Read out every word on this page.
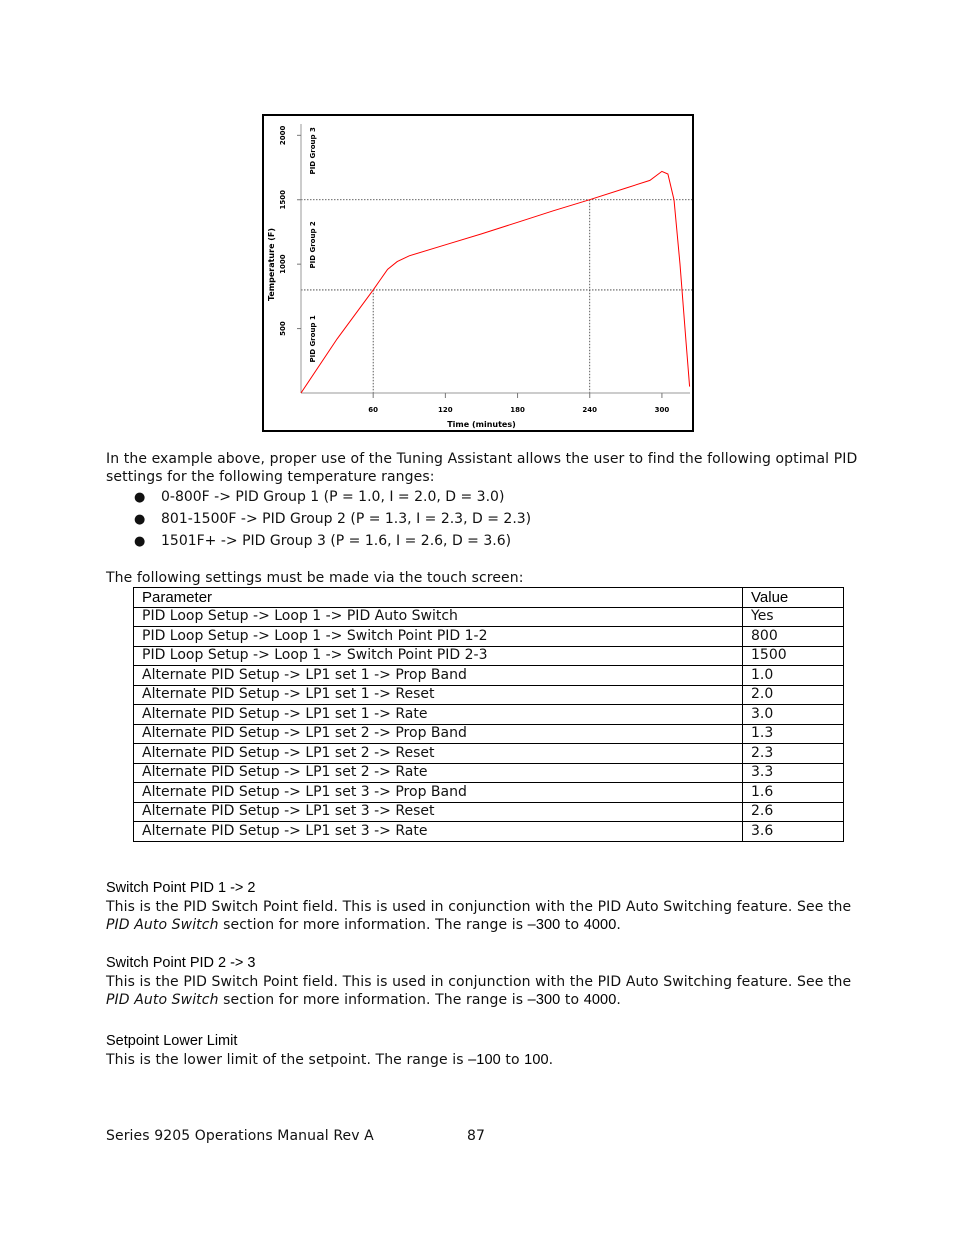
60	120	180	240	300
500
1000
1500
2000
PID Group 1
PID Group 2
PID Group 3
Time (minutes)
Temperature (F)
In the example above, proper use of the Tuning Assistant allows the user to find the following optimal PID settings for the following temperature ranges:
● 0-800F -> PID Group 1 (P = 1.0, I = 2.0, D = 3.0)
● 801-1500F -> PID Group 2 (P = 1.3, I = 2.3, D = 2.3)
● 1501F+ -> PID Group 3 (P = 1.6, I = 2.6, D = 3.6)
The following settings must be made via the touch screen:
Parameter	Value
PID Loop Setup -> Loop 1 -> PID Auto Switch	Yes
PID Loop Setup -> Loop 1 -> Switch Point PID 1-2	800
PID Loop Setup -> Loop 1 -> Switch Point PID 2-3	1500
Alternate PID Setup -> LP1 set 1 -> Prop Band	1.0
Alternate PID Setup -> LP1 set 1 -> Reset	2.0
Alternate PID Setup -> LP1 set 1 -> Rate	3.0
Alternate PID Setup -> LP1 set 2 -> Prop Band	1.3
Alternate PID Setup -> LP1 set 2 -> Reset	2.3
Alternate PID Setup -> LP1 set 2 -> Rate	3.3
Alternate PID Setup -> LP1 set 3 -> Prop Band	1.6
Alternate PID Setup -> LP1 set 3 -> Reset	2.6
Alternate PID Setup -> LP1 set 3 -> Rate	3.6
Switch Point PID 1 -> 2
This is the PID Switch Point field. This is used in conjunction with the PID Auto Switching feature. See the
PID Auto Switch section for more information. The range is –300 to 4000.
Switch Point PID 2 -> 3
This is the PID Switch Point field. This is used in conjunction with the PID Auto Switching feature. See the
PID Auto Switch section for more information. The range is –300 to 4000.
Setpoint Lower Limit
This is the lower limit of the setpoint. The range is –100 to 100.
Series 9205 Operations Manual Rev A	87
